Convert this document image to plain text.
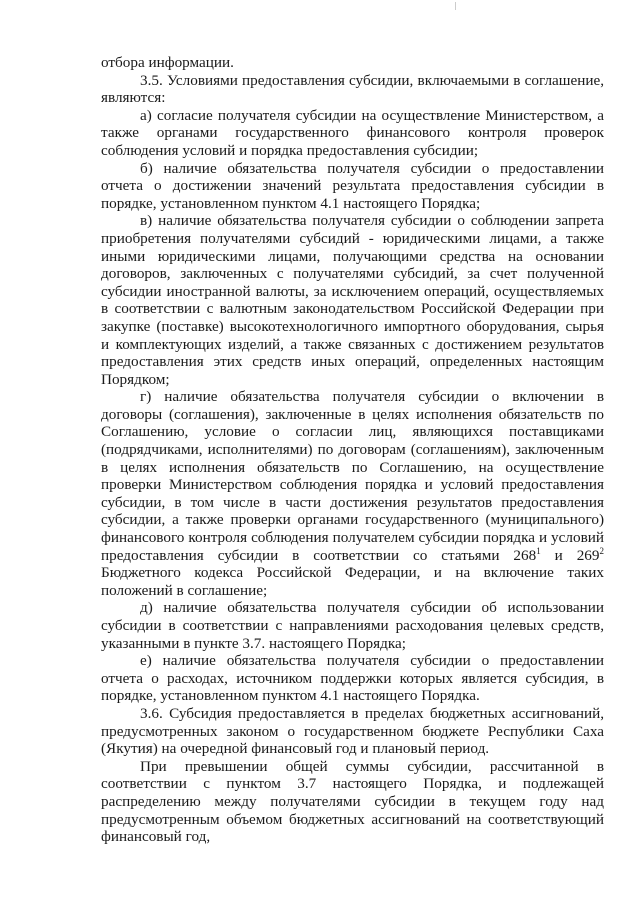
отбора информации.

3.5. Условиями предоставления субсидии, включаемыми в соглашение, являются:

а) согласие получателя субсидии на осуществление Министерством, а также органами государственного финансового контроля проверок соблюдения условий и порядка предоставления субсидии;

б) наличие обязательства получателя субсидии о предоставлении отчета о достижении значений результата предоставления субсидии в порядке, установленном пунктом 4.1 настоящего Порядка;

в) наличие обязательства получателя субсидии о соблюдении запрета приобретения получателями субсидий - юридическими лицами, а также иными юридическими лицами, получающими средства на основании договоров, заключенных с получателями субсидий, за счет полученной субсидии иностранной валюты, за исключением операций, осуществляемых в соответствии с валютным законодательством Российской Федерации при закупке (поставке) высокотехнологичного импортного оборудования, сырья и комплектующих изделий, а также связанных с достижением результатов предоставления этих средств иных операций, определенных настоящим Порядком;

г) наличие обязательства получателя субсидии о включении в договоры (соглашения), заключенные в целях исполнения обязательств по Соглашению, условие о согласии лиц, являющихся поставщиками (подрядчиками, исполнителями) по договорам (соглашениям), заключенным в целях исполнения обязательств по Соглашению, на осуществление проверки Министерством соблюдения порядка и условий предоставления субсидии, в том числе в части достижения результатов предоставления субсидии, а также проверки органами государственного (муниципального) финансового контроля соблюдения получателем субсидии порядка и условий предоставления субсидии в соответствии со статьями $268^1$ и $269^2$ Бюджетного кодекса Российской Федерации, и на включение таких положений в соглашение;

д) наличие обязательства получателя субсидии об использовании субсидии в соответствии с направлениями расходования целевых средств, указанными в пункте 3.7. настоящего Порядка;

е) наличие обязательства получателя субсидии о предоставлении отчета о расходах, источником поддержки которых является субсидия, в порядке, установленном пунктом 4.1 настоящего Порядка.

3.6. Субсидия предоставляется в пределах бюджетных ассигнований, предусмотренных законом о государственном бюджете Республики Саха (Якутия) на очередной финансовый год и плановый период.

При превышении общей суммы субсидии, рассчитанной в соответствии с пунктом 3.7 настоящего Порядка, и подлежащей распределению между получателями субсидии в текущем году над предусмотренным объемом бюджетных ассигнований на соответствующий финансовый год,
